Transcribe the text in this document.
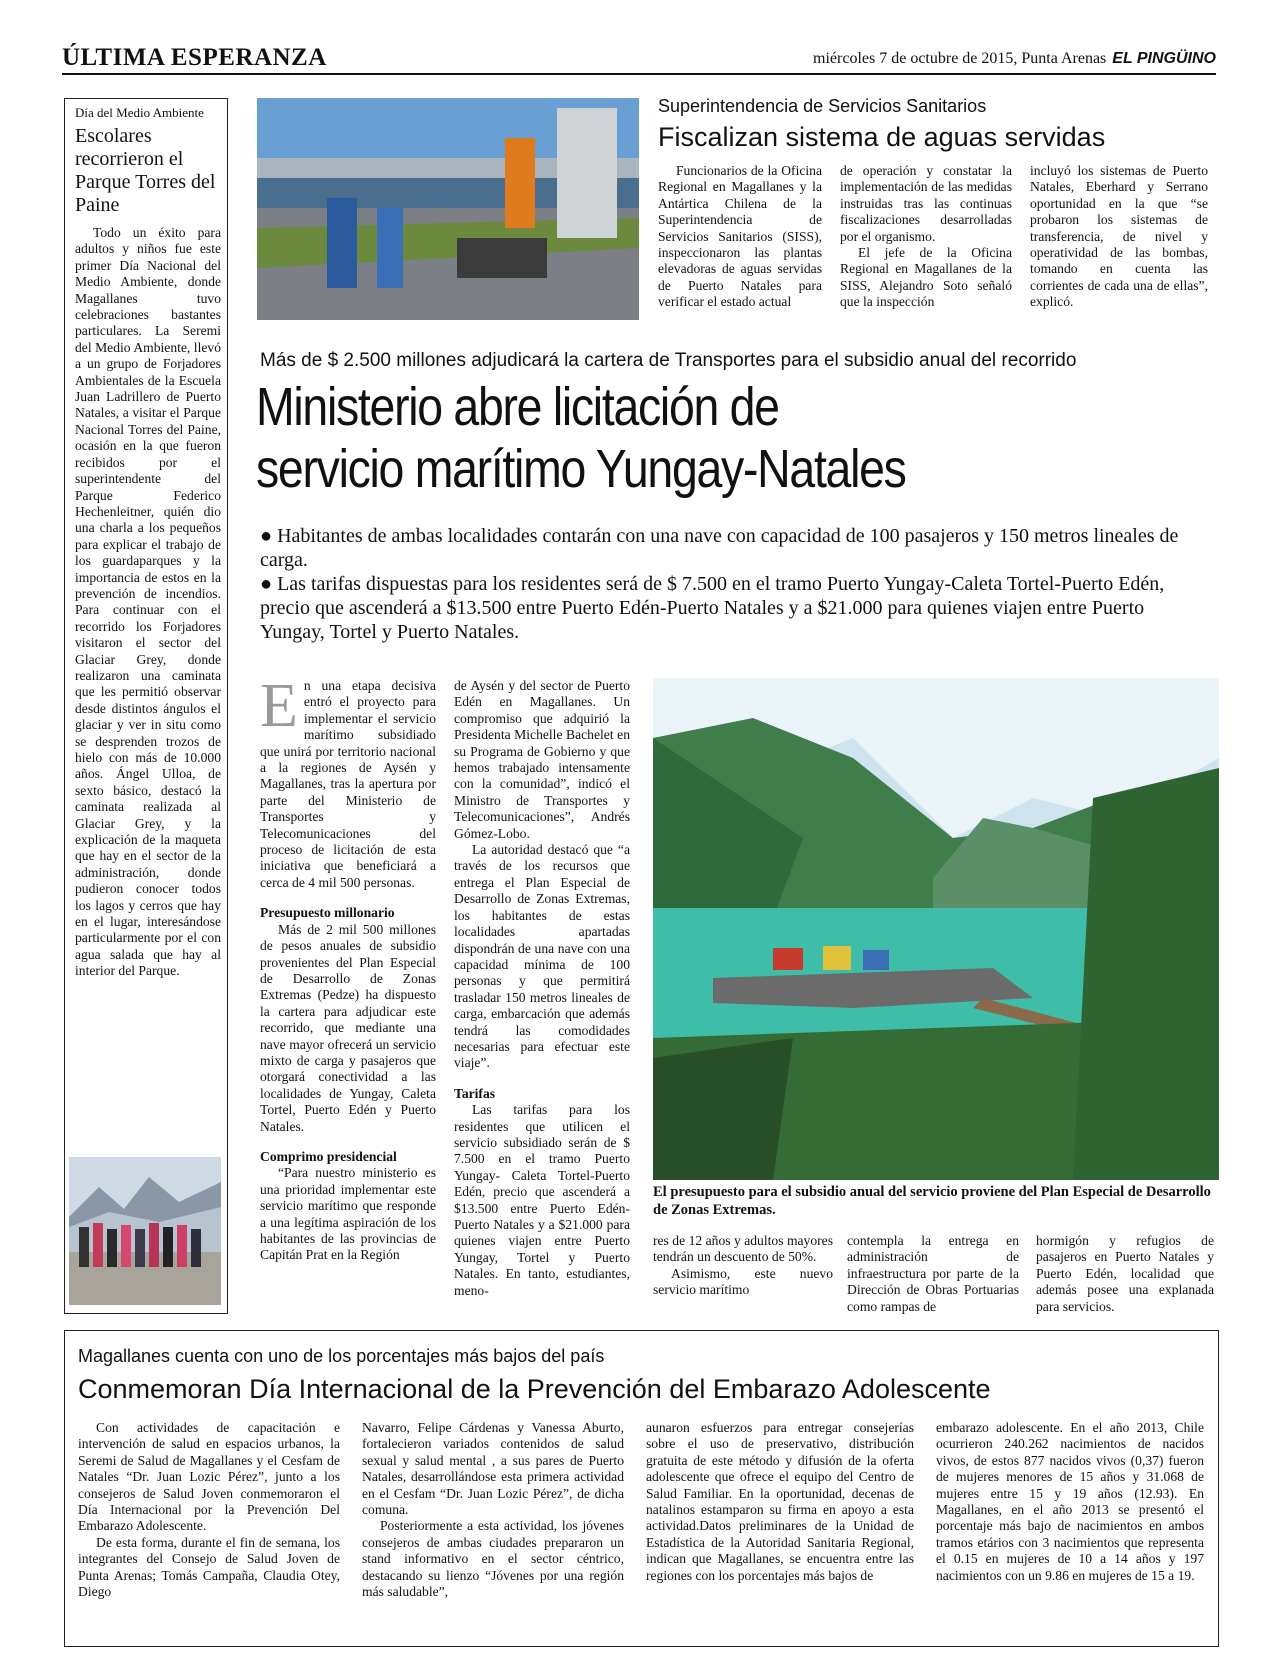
ÚLTIMA ESPERANZA	miércoles 7 de octubre de 2015, Punta Arenas EL PINGÜINO
Día del Medio Ambiente
Escolares recorrieron el Parque Torres del Paine

Todo un éxito para adultos y niños fue este primer Día Nacional del Medio Ambiente, donde Magallanes tuvo celebraciones bastantes particulares. La Seremi del Medio Ambiente, llevó a un grupo de Forjadores Ambientales de la Escuela Juan Ladrillero de Puerto Natales, a visitar el Parque Nacional Torres del Paine, ocasión en la que fueron recibidos por el superintendente del Parque Federico Hechenleitner, quién dio una charla a los pequeños para explicar el trabajo de los guardaparques y la importancia de estos en la prevención de incendios. Para continuar con el recorrido los Forjadores visitaron el sector del Glaciar Grey, donde realizaron una caminata que les permitió observar desde distintos ángulos el glaciar y ver in situ como se desprenden trozos de hielo con más de 10.000 años. Ángel Ulloa, de sexto básico, destacó la caminata realizada al Glaciar Grey, y la explicación de la maqueta que hay en el sector de la administración, donde pudieron conocer todos los lagos y cerros que hay en el lugar, interesándose particularmente por el con agua salada que hay al interior del Parque.

Superintendencia de Servicios Sanitarios
Fiscalizan sistema de aguas servidas

Funcionarios de la Oficina Regional en Magallanes y la Antártica Chilena de la Superintendencia de Servicios Sanitarios (SISS), inspeccionaron las plantas elevadoras de aguas servidas de Puerto Natales para verificar el estado actual

de operación y constatar la implementación de las medidas instruidas tras las continuas fiscalizaciones desarrolladas por el organismo.

El jefe de la Oficina Regional en Magallanes de la SISS, Alejandro Soto señaló que la inspección

incluyó los sistemas de Puerto Natales, Eberhard y Serrano oportunidad en la que “se probaron los sistemas de transferencia, de nivel y operatividad de las bombas, tomando en cuenta las corrientes de cada una de ellas”, explicó.

Más de $ 2.500 millones adjudicará la cartera de Transportes para el subsidio anual del recorrido
Ministerio abre licitación de
servicio marítimo Yungay-Natales

● Habitantes de ambas localidades contarán con una nave con capacidad de 100 pasajeros y 150 metros lineales de carga.

● Las tarifas dispuestas para los residentes será de $ 7.500 en el tramo Puerto Yungay-Caleta Tortel-Puerto Edén, precio que ascenderá a $13.500 entre Puerto Edén-Puerto Natales y a $21.000 para quienes viajen entre Puerto Yungay, Tortel y Puerto Natales.

En una etapa decisiva entró el proyecto para implementar el servicio marítimo subsidiado que unirá por territorio nacional a la regiones de Aysén y Magallanes, tras la apertura por parte del Ministerio de Transportes y Telecomunicaciones del proceso de licitación de esta iniciativa que beneficiará a cerca de 4 mil 500 personas.

Presupuesto millonario

Más de 2 mil 500 millones de pesos anuales de subsidio provenientes del Plan Especial de Desarrollo de Zonas Extremas (Pedze) ha dispuesto la cartera para adjudicar este recorrido, que mediante una nave mayor ofrecerá un servicio mixto de carga y pasajeros que otorgará conectividad a las localidades de Yungay, Caleta Tortel, Puerto Edén y Puerto Natales.

Comprimo presidencial

“Para nuestro ministerio es una prioridad implementar este servicio marítimo que responde a una legítima aspiración de los habitantes de las provincias de Capitán Prat en la Región

de Aysén y del sector de Puerto Edén en Magallanes. Un compromiso que adquirió la Presidenta Michelle Bachelet en su Programa de Gobierno y que hemos trabajado intensamente con la comunidad”, indicó el Ministro de Transportes y Telecomunicaciones”, Andrés Gómez-Lobo.

La autoridad destacó que “a través de los recursos que entrega el Plan Especial de Desarrollo de Zonas Extremas, los habitantes de estas localidades apartadas dispondrán de una nave con una capacidad mínima de 100 personas y que permitirá trasladar 150 metros lineales de carga, embarcación que además tendrá las comodidades necesarias para efectuar este viaje”.

Tarifas

Las tarifas para los residentes que utilicen el servicio subsidiado serán de $ 7.500 en el tramo Puerto Yungay- Caleta Tortel-Puerto Edén, precio que ascenderá a $13.500 entre Puerto Edén-Puerto Natales y a $21.000 para quienes viajen entre Puerto Yungay, Tortel y Puerto Natales. En tanto, estudiantes, meno-

El presupuesto para el subsidio anual del servicio proviene del Plan Especial de Desarrollo de Zonas Extremas.

res de 12 años y adultos mayores tendrán un descuento de 50%.

Asimismo, este nuevo servicio marítimo

contempla la entrega en administración de infraestructura por parte de la Dirección de Obras Portuarias como rampas de

hormigón y refugios de pasajeros en Puerto Natales y Puerto Edén, localidad que además posee una explanada para servicios.

Magallanes cuenta con uno de los porcentajes más bajos del país
Conmemoran Día Internacional de la Prevención del Embarazo Adolescente

Con actividades de capacitación e intervención de salud en espacios urbanos, la Seremi de Salud de Magallanes y el Cesfam de Natales “Dr. Juan Lozic Pérez”, junto a los consejeros de Salud Joven conmemoraron el Día Internacional por la Prevención Del Embarazo Adolescente.

De esta forma, durante el fin de semana, los integrantes del Consejo de Salud Joven de Punta Arenas; Tomás Campaña, Claudia Otey, Diego

Navarro, Felipe Cárdenas y Vanessa Aburto, fortalecieron variados contenidos de salud sexual y salud mental , a sus pares de Puerto Natales, desarrollándose esta primera actividad en el Cesfam “Dr. Juan Lozic Pérez”, de dicha comuna.

Posteriormente a esta actividad, los jóvenes consejeros de ambas ciudades prepararon un stand informativo en el sector céntrico, destacando su lienzo “Jóvenes por una región más saludable”,

aunaron esfuerzos para entregar consejerías sobre el uso de preservativo, distribución gratuita de este método y difusión de la oferta adolescente que ofrece el equipo del Centro de Salud Familiar. En la oportunidad, decenas de natalinos estamparon su firma en apoyo a esta actividad.Datos preliminares de la Unidad de Estadística de la Autoridad Sanitaria Regional, indican que Magallanes, se encuentra entre las regiones con los porcentajes más bajos de

embarazo adolescente. En el año 2013, Chile ocurrieron 240.262 nacimientos de nacidos vivos, de estos 877 nacidos vivos (0,37) fueron de mujeres menores de 15 años y 31.068 de mujeres entre 15 y 19 años (12.93). En Magallanes, en el año 2013 se presentó el porcentaje más bajo de nacimientos en ambos tramos etários con 3 nacimientos que representa el 0.15 en mujeres de 10 a 14 años y 197 nacimientos con un 9.86 en mujeres de 15 a 19.
